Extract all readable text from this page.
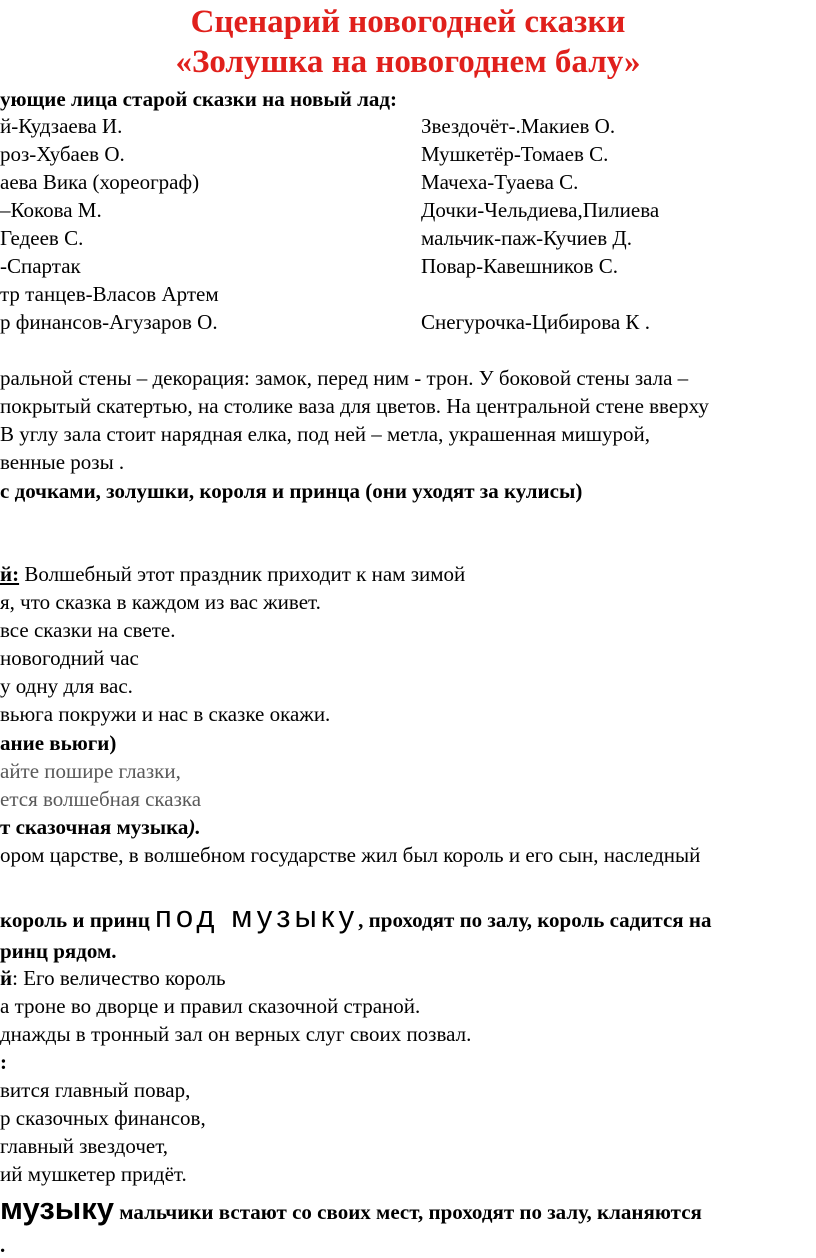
Сценарий новогодней сказки
«Золушка на новогоднем балу»
ующие лица старой сказки на новый лад:
й-Кудзаева И.	Звездочёт-.Макиев О.
роз-Хубаев О.	Мушкетёр-Томаев С.
аева Вика (хореограф)	Мачеха-Туаева С.
–Кокова М.	Дочки-Чельдиева,Пилиева
Гедеев С.	мальчик-паж-Кучиев Д.
-Спартак	Повар-Кавешников С.
тр танцев-Власов Артем
р финансов-Агузаров О.	Снегурочка-Цибирова К .
ральной стены – декорация: замок, перед ним - трон. У боковой стены зала –
покрытый скатертью, на столике ваза для цветов. На центральной стене вверху
В углу зала стоит нарядная елка, под ней – метла, украшенная мишурой,
венные розы .
с дочками, золушки, короля и принца (они уходят за кулисы)
й: Волшебный этот праздник приходит к нам зимой
я, что сказка в каждом из вас живет.
все сказки на свете.
новогодний час
у одну для вас.
вьюга покружи и нас в сказке окажи.
ание вьюги)
айте пошире глазки,
ется волшебная сказка
т сказочная музыка).
ором царстве, в волшебном государстве жил был король и его сын, наследный
король и принц под музыку, проходят по залу, король садится на
ринц рядом.
й: Его величество король
а троне во дворце и правил сказочной страной.
днажды в тронный зал он верных слуг своих позвал.
:
вится главный повар,
р сказочных финансов,
главный звездочет,
ий мушкетер придёт.
музыку мальчики встают со своих мест, проходят по залу, кланяются
.
